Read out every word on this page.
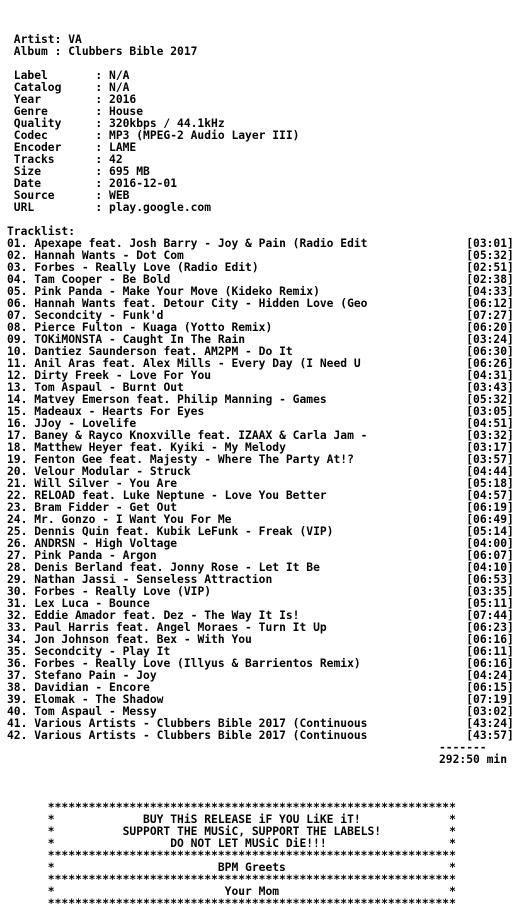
Artist: VA
Album : Clubbers Bible 2017
Label       : N/A
Catalog     : N/A
Year        : 2016
Genre       : House
Quality     : 320kbps / 44.1kHz
Codec       : MP3 (MPEG-2 Audio Layer III)
Encoder     : LAME
Tracks      : 42
Size        : 695 MB
Date        : 2016-12-01
Source      : WEB
URL         : play.google.com
Tracklist:
01. Apexape feat. Josh Barry - Joy & Pain (Radio Edit	[03:01]
02. Hannah Wants - Dot Com	[05:32]
03. Forbes - Really Love (Radio Edit)	[02:51]
04. Tam Cooper - Be Bold	[02:38]
05. Pink Panda - Make Your Move (Kideko Remix)	[04:33]
06. Hannah Wants feat. Detour City - Hidden Love (Geo	[06:12]
07. Secondcity - Funk'd	[07:27]
08. Pierce Fulton - Kuaga (Yotto Remix)	[06:20]
09. TOKiMONSTA - Caught In The Rain	[03:24]
10. Dantiez Saunderson feat. AM2PM - Do It	[06:30]
11. Anil Aras feat. Alex Mills - Every Day (I Need U	[06:26]
12. Dirty Freek - Love For You	[04:31]
13. Tom Aspaul - Burnt Out	[03:43]
14. Matvey Emerson feat. Philip Manning - Games	[05:32]
15. Madeaux - Hearts For Eyes	[03:05]
16. JJoy - Lovelife	[04:51]
17. Baney & Rayco Knoxville feat. IZAAX & Carla Jam -	[03:32]
18. Matthew Heyer feat. Kyiki - My Melody	[03:17]
19. Fenton Gee feat. Majesty - Where The Party At!?	[03:57]
20. Velour Modular - Struck	[04:44]
21. Will Silver - You Are	[05:18]
22. RELOAD feat. Luke Neptune - Love You Better	[04:57]
23. Bram Fidder - Get Out	[06:19]
24. Mr. Gonzo - I Want You For Me	[06:49]
25. Dennis Quin feat. Kubik LeFunk - Freak (VIP)	[05:14]
26. ANDRSN - High Voltage	[04:00]
27. Pink Panda - Argon	[06:07]
28. Denis Berland feat. Jonny Rose - Let It Be	[04:10]
29. Nathan Jassi - Senseless Attraction	[06:53]
30. Forbes - Really Love (VIP)	[03:35]
31. Lex Luca - Bounce	[05:11]
32. Eddie Amador feat. Dez - The Way It Is!	[07:44]
33. Paul Harris feat. Angel Moraes - Turn It Up	[06:23]
34. Jon Johnson feat. Bex - With You	[06:16]
35. Secondcity - Play It	[06:11]
36. Forbes - Really Love (Illyus & Barrientos Remix)	[06:16]
37. Stefano Pain - Joy	[04:24]
38. Davidian - Encore	[06:15]
39. Elomak - The Shadow	[07:19]
40. Tom Aspaul - Messy	[03:02]
41. Various Artists - Clubbers Bible 2017 (Continuous	[43:24]
42. Various Artists - Clubbers Bible 2017 (Continuous	[43:57]
-------
292:50 min
************************************************************
*             BUY THiS RELEASE iF YOU LiKE iT!             *
*          SUPPORT THE MUSiC, SUPPORT THE LABELS!          *
*                 DO NOT LET MUSiC DiE!!!                  *
************************************************************
*                        BPM Greets                        *
************************************************************
*                         Your Mom                         *
************************************************************
